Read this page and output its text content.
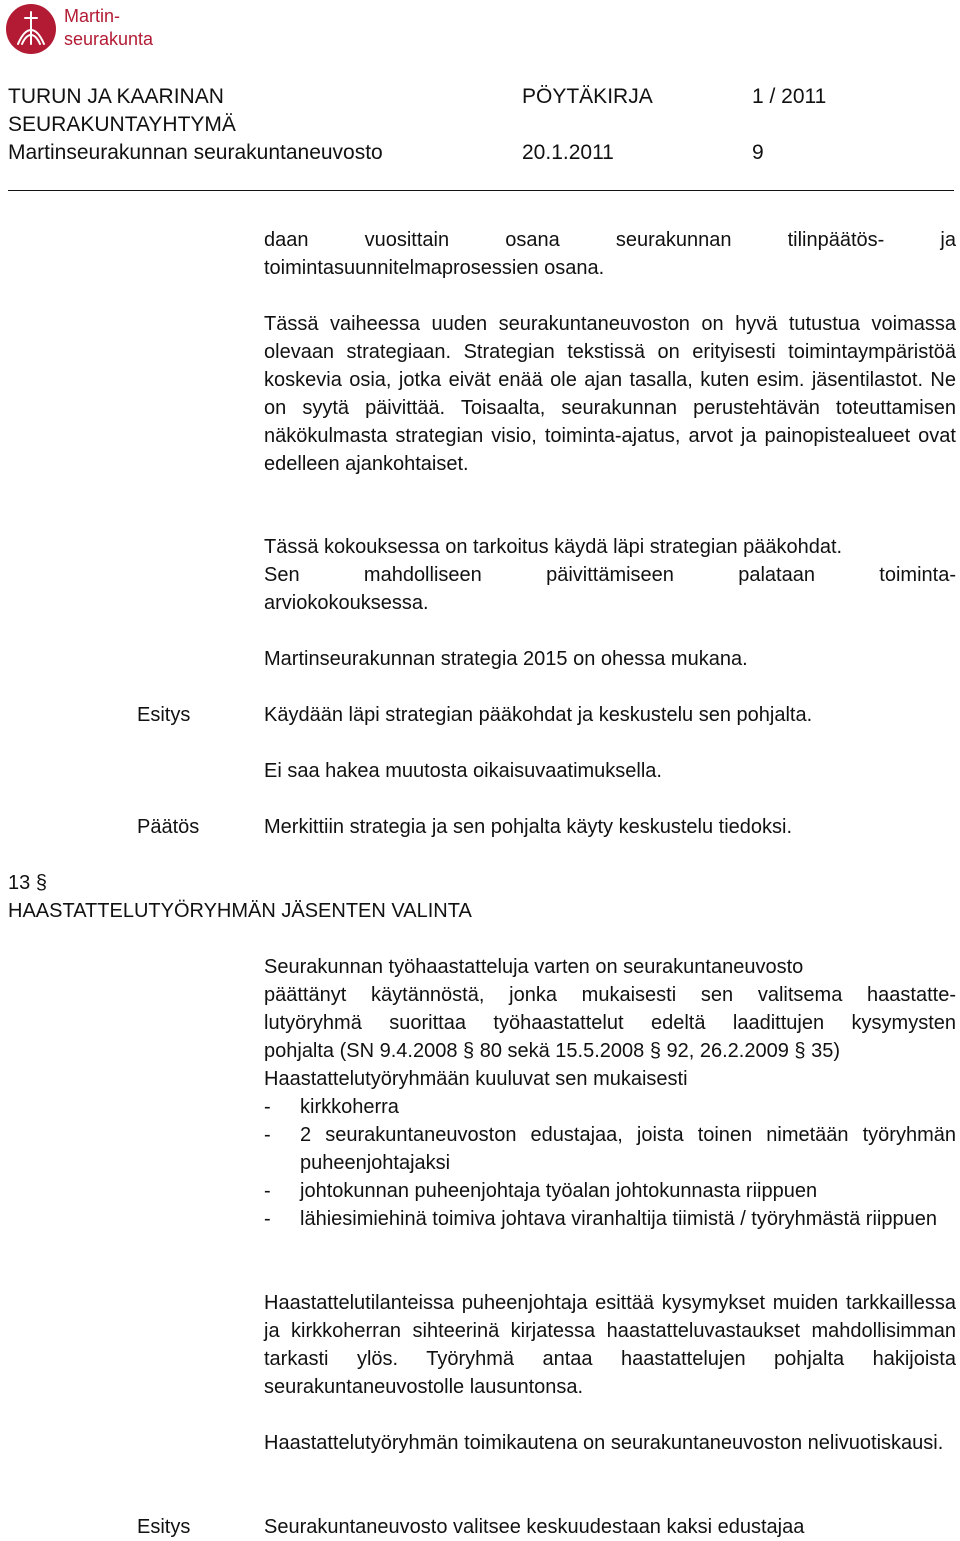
Martin-
seurakunta
TURUN JA KAARINAN
SEURAKUNTAYHTYMÄ
Martinseurakunnan seurakuntaneuvosto
PÖYTÄKIRJA	1 / 2011
20.1.2011	9
daan vuosittain osana seurakunnan tilinpäätös- ja toimintasuunnitelmaprosessien osana.
Tässä vaiheessa uuden seurakuntaneuvoston on hyvä tutustua voimassa olevaan strategiaan. Strategian tekstissä on erityisesti toimintaympäristöä koskevia osia, jotka eivät enää ole ajan tasalla, kuten esim. jäsentilastot. Ne on syytä päivittää. Toisaalta, seurakunnan perustehtävän toteuttamisen näkökulmasta strategian visio, toiminta-ajatus, arvot ja painopistealueet ovat edelleen ajankohtaiset.

Tässä kokouksessa on tarkoitus käydä läpi strategian pääkohdat.

Sen mahdolliseen päivittämiseen palataan toiminta-

arviokokouksessa.

Martinseurakunnan strategia 2015 on ohessa mukana.
Esitys	Käydään läpi strategian pääkohdat ja keskustelu sen pohjalta.
Ei saa hakea muutosta oikaisuvaatimuksella.
Päätös	Merkittiin strategia ja sen pohjalta käyty keskustelu tiedoksi.
13 §
HAASTATTELUTYÖRYHMÄN JÄSENTEN VALINTA

Seurakunnan työhaastatteluja varten on seurakuntaneuvosto

päättänyt käytännöstä, jonka mukaisesti sen valitsema haastatte-

lutyöryhmä suorittaa työhaastattelut edeltä laadittujen kysymysten

pohjalta (SN 9.4.2008 § 80 sekä 15.5.2008 § 92, 26.2.2009 § 35)

Haastattelutyöryhmään kuuluvat sen mukaisesti

- kirkkoherra
- 2 seurakuntaneuvoston edustajaa, joista toinen nimetään työryhmän puheenjohtajaksi
- johtokunnan puheenjohtaja työalan johtokunnasta riippuen
- lähiesimiehinä toimiva johtava viranhaltija tiimistä / työryhmästä riippuen
Haastattelutilanteissa puheenjohtaja esittää kysymykset muiden tarkkaillessa ja kirkkoherran sihteerinä kirjatessa haastatteluvastaukset mahdollisimman tarkasti ylös. Työryhmä antaa haastattelujen pohjalta hakijoista seurakuntaneuvostolle lausuntonsa.
Haastattelutyöryhmän toimikautena on seurakuntaneuvoston nelivuotiskausi.
Esitys	Seurakuntaneuvosto valitsee keskuudestaan kaksi edustajaa
